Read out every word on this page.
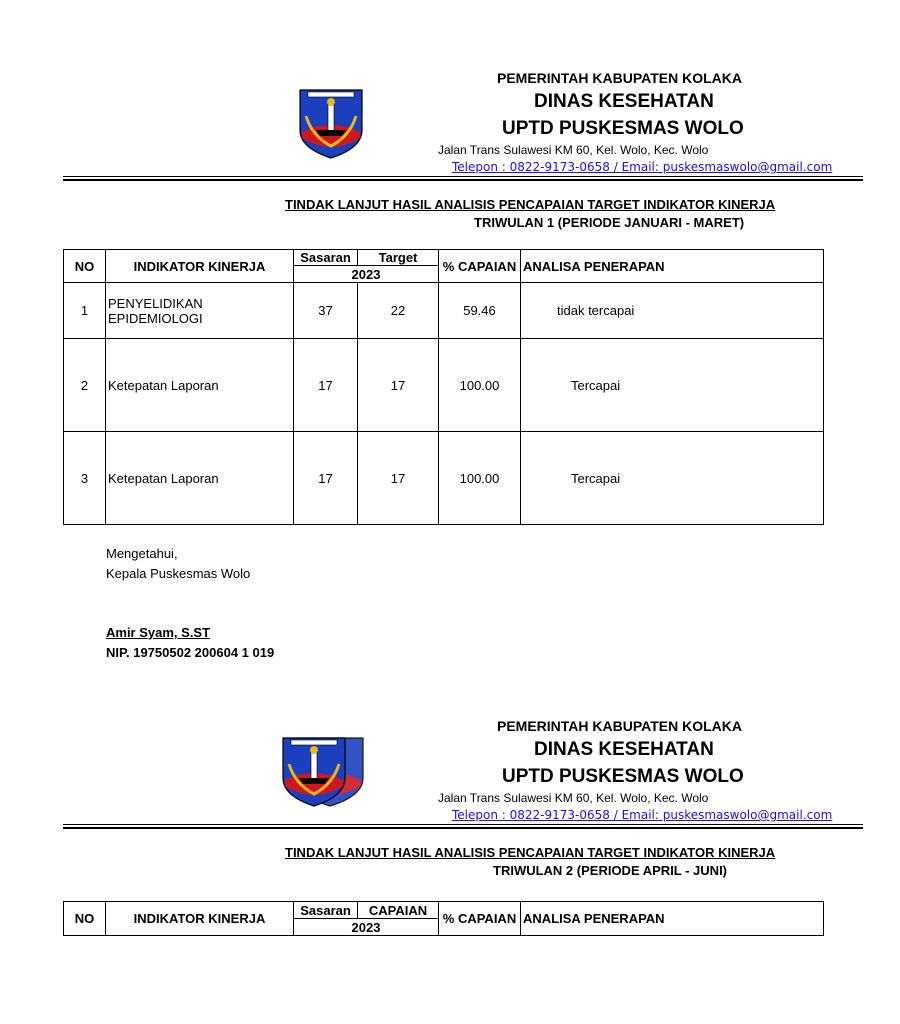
PEMERINTAH KABUPATEN KOLAKA
DINAS KESEHATAN
UPTD PUSKESMAS WOLO
Jalan Trans Sulawesi KM 60, Kel. Wolo, Kec. Wolo
Telepon : 0822-9173-0658 / Email: puskesmaswolo@gmail.com
TINDAK LANJUT HASIL ANALISIS PENCAPAIAN TARGET INDIKATOR KINERJA
TRIWULAN 1 (PERIODE JANUARI - MARET)
NO	INDIKATOR KINERJA	Sasaran	Target	% CAPAIAN	ANALISA PENERAPAN
		2023			
1	PENYELIDIKAN
EPIDEMIOLOGI	37	22	59.46	tidak tercapai
2	Ketepatan Laporan	17	17	100.00	Tercapai
3	Ketepatan Laporan	17	17	100.00	Tercapai
Mengetahui,
Kepala Puskesmas Wolo
Amir Syam, S.ST
NIP. 19750502 200604 1 019
PEMERINTAH KABUPATEN KOLAKA
DINAS KESEHATAN
UPTD PUSKESMAS WOLO
Jalan Trans Sulawesi KM 60, Kel. Wolo, Kec. Wolo
Telepon : 0822-9173-0658 / Email: puskesmaswolo@gmail.com
TINDAK LANJUT HASIL ANALISIS PENCAPAIAN TARGET INDIKATOR KINERJA
TRIWULAN 2 (PERIODE APRIL - JUNI)
NO	INDIKATOR KINERJA	Sasaran	CAPAIAN	% CAPAIAN	ANALISA PENERAPAN
2023
